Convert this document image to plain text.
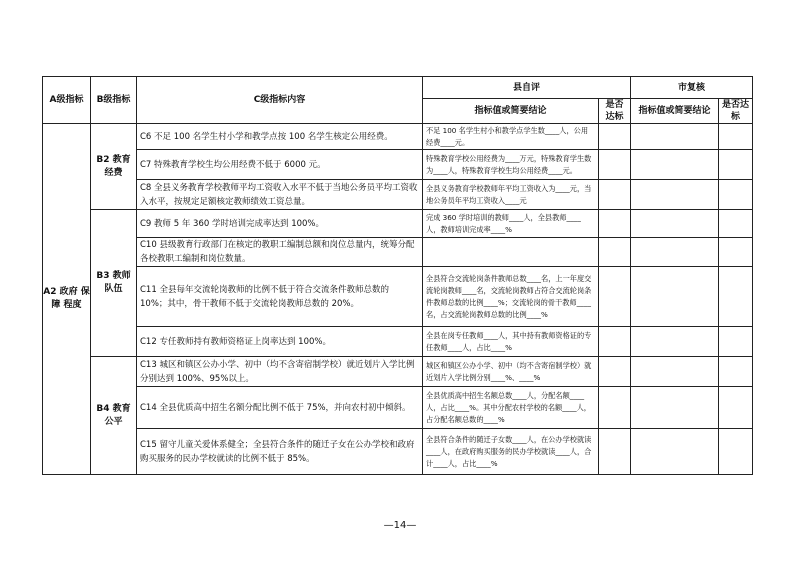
A级指标	B级指标	C级指标内容	县自评		市复核	
			指标值或简要结论	是否达标	指标值或简要结论	是否达标
A2 政府 保障 程度	B2 教育 经费	C6 不足 100 名学生村小学和教学点按 100 名学生核定公用经费。	不足 100 名学生村小和教学点学生数____人，公用经费____元。			
		C7 特殊教育学校生均公用经费不低于 6000 元。	特殊教育学校公用经费为____万元，特殊教育学生数为____人，特殊教育学校生均公用经费____元。			
		C8 全县义务教育学校教师平均工资收入水平不低于当地公务员平均工资收入水平，按规定足额核定教师绩效工资总量。	全县义务教育学校教师年平均工资收入为____元，当地公务员年平均工资收入____元			
	B3 教师 队伍	C9 教师 5 年 360 学时培训完成率达到 100%。	完成 360 学时培训的教师____人，全县教师____人，教师培训完成率____%			
		C10 县级教育行政部门在核定的教职工编制总额和岗位总量内，统筹分配各校教职工编制和岗位数量。				
		C11 全县每年交流轮岗教师的比例不低于符合交流条件教师总数的 10%；其中，骨干教师不低于交流轮岗教师总数的 20%。	全县符合交流轮岗条件教师总数____名，上一年度交流轮岗教师____名，交流轮岗教师占符合交流轮岗条件教师总数的比例____%；交流轮岗的骨干教师____名，占交流轮岗教师总数的比例____%			
		C12 专任教师持有教师资格证上岗率达到 100%。	全县在岗专任教师____人，其中持有教师资格证的专任教师____人，占比____%			
	B4 教育 公平	C13 城区和镇区公办小学、初中（均不含寄宿制学校）就近划片入学比例分别达到 100%、95%以上。	城区和镇区公办小学、初中（均不含寄宿制学校）就近划片入学比例分别____%、____%			
		C14 全县优质高中招生名额分配比例不低于 75%，并向农村初中倾斜。	全县优质高中招生名额总数____人，分配名额____人，占比____%。其中分配农村学校的名额____人，占分配名额总数的____%			
		C15 留守儿童关爱体系健全；全县符合条件的随迁子女在公办学校和政府购买服务的民办学校就读的比例不低于 85%。	全县符合条件的随迁子女数____人，在公办学校就读____人，在政府购买服务的民办学校就读____人，合计____人，占比____%			
—14—
